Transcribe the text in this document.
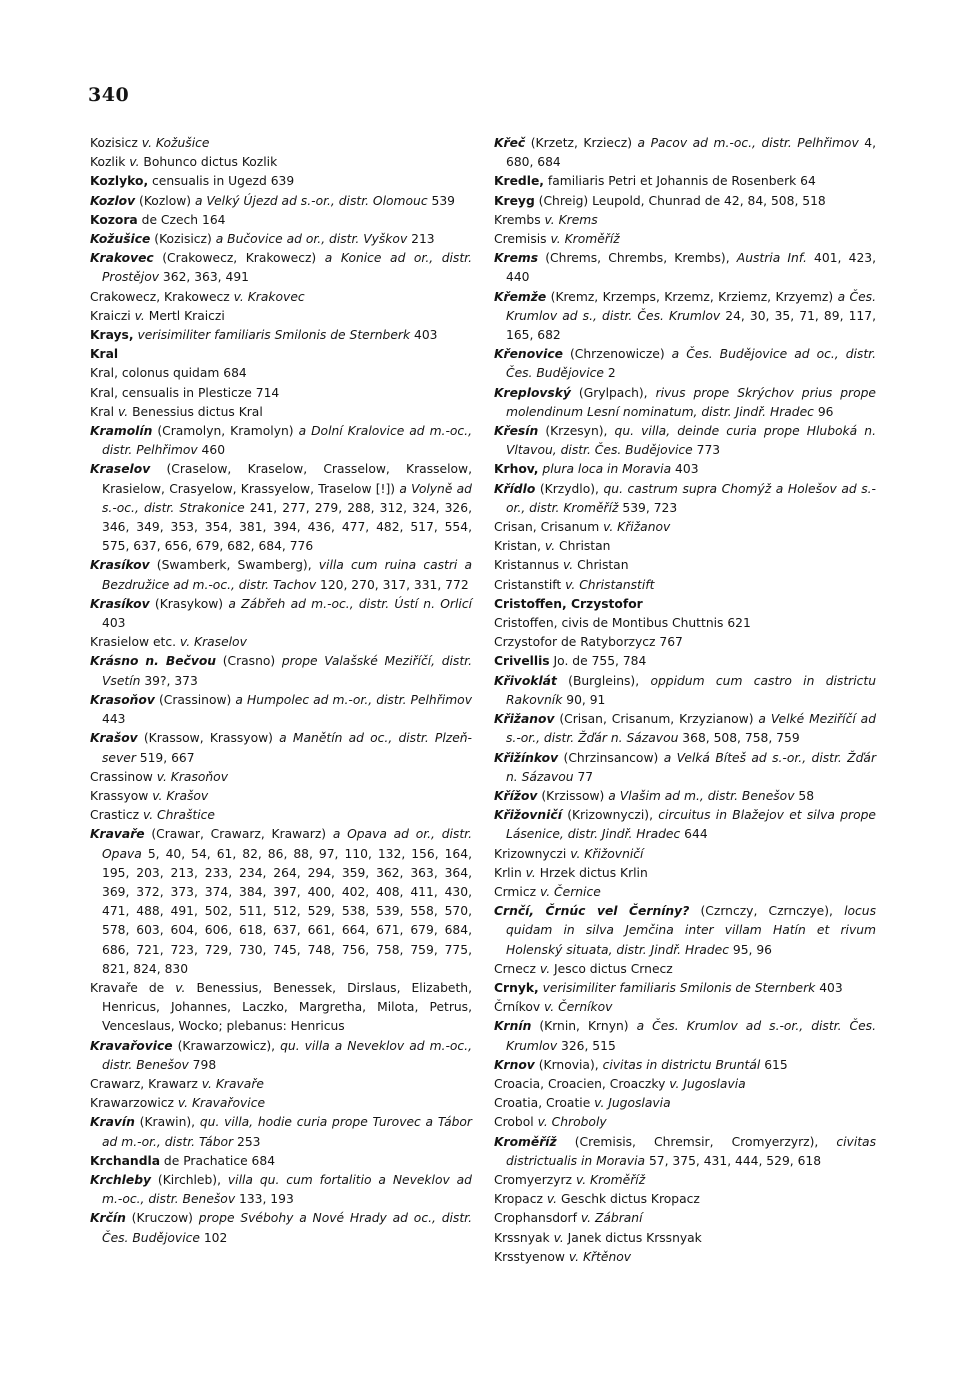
340
Kozisicz v. Kožušice
Kozlik v. Bohunco dictus Kozlik
Kozlyko, censualis in Ugezd 639
Kozlov (Kozlow) a Velký Újezd ad s.-or., distr. Olomouc 539
Kozora de Czech 164
Kožušice (Kozisicz) a Bučovice ad or., distr. Vyškov 213
Krakovec (Crakowecz, Krakowecz) a Konice ad or., distr. Prostějov 362, 363, 491
Crakowecz, Krakowecz v. Krakovec
Kraiczi v. Mertl Kraiczi
Krays, verisimiliter familiaris Smilonis de Sternberk 403
Kral
Kral, colonus quidam 684
Kral, censualis in Plesticze 714
Kral v. Benessius dictus Kral
Kramolín (Cramolyn, Kramolyn) a Dolní Kralovice ad m.-oc., distr. Pelhřimov 460
Kraselov (Craselow, Kraselow, Crasselow, Krasselow, Krasielow, Crasyelow, Krassyelow, Traselow [!]) a Volyně ad s.-oc., distr. Strakonice 241, 277, 279, 288, 312, 324, 326, 346, 349, 353, 354, 381, 394, 436, 477, 482, 517, 554, 575, 637, 656, 679, 682, 684, 776
Krasíkov (Swamberk, Swamberg), villa cum ruina castri a Bezdružice ad m.-oc., distr. Tachov 120, 270, 317, 331, 772
Krasíkov (Krasykow) a Zábřeh ad m.-oc., distr. Ústí n. Orlicí 403
Krasielow etc. v. Kraselov
Krásno n. Bečvou (Crasno) prope Valašské Meziříčí, distr. Vsetín 39?, 373
Krasoňov (Crassinow) a Humpolec ad m.-or., distr. Pelhřimov 443
Krašov (Krassow, Krassyow) a Manětín ad oc., distr. Plzeň-sever 519, 667
Crassinow v. Krasoňov
Krassyow v. Krašov
Crasticz v. Chraštice
Kravaře (Crawar, Crawarz, Krawarz) a Opava ad or., distr. Opava 5, 40, 54, 61, 82, 86, 88, 97, 110, 132, 156, 164, 195, 203, 213, 233, 234, 264, 294, 359, 362, 363, 364, 369, 372, 373, 374, 384, 397, 400, 402, 408, 411, 430, 471, 488, 491, 502, 511, 512, 529, 538, 539, 558, 570, 578, 603, 604, 606, 618, 637, 661, 664, 671, 679, 684, 686, 721, 723, 729, 730, 745, 748, 756, 758, 759, 775, 821, 824, 830
Kravaře de v. Benessius, Benessek, Dirslaus, Elizabeth, Henricus, Johannes, Laczko, Margretha, Milota, Petrus, Venceslaus, Wocko; plebanus: Henricus
Kravařovice (Krawarzowicz), qu. villa a Neveklov ad m.-oc., distr. Benešov 798
Crawarz, Krawarz v. Kravaře
Krawarzowicz v. Kravařovice
Kravín (Krawin), qu. villa, hodie curia prope Turovec a Tábor ad m.-or., distr. Tábor 253
Krchandla de Prachatice 684
Krchleby (Kirchleb), villa qu. cum fortalitio a Neveklov ad m.-oc., distr. Benešov 133, 193
Krčín (Kruczow) prope Svébohy a Nové Hrady ad oc., distr. Čes. Budějovice 102
Křeč (Krzetz, Krziecz) a Pacov ad m.-oc., distr. Pelhřimov 4, 680, 684
Kredle, familiaris Petri et Johannis de Rosenberk 64
Kreyg (Chreig) Leupold, Chunrad de 42, 84, 508, 518
Krembs v. Krems
Cremisis v. Kroměříž
Krems (Chrems, Chrembs, Krembs), Austria Inf. 401, 423, 440
Křemže (Kremz, Krzemps, Krzemz, Krziemz, Krzyemz) a Čes. Krumlov ad s., distr. Čes. Krumlov 24, 30, 35, 71, 89, 117, 165, 682
Křenovice (Chrzenowicze) a Čes. Budějovice ad oc., distr. Čes. Budějovice 2
Kreplovský (Grylpach), rivus prope Skrýchov prius prope molendinum Lesní nominatum, distr. Jindř. Hradec 96
Křesín (Krzesyn), qu. villa, deinde curia prope Hluboká n. Vltavou, distr. Čes. Budějovice 773
Krhov, plura loca in Moravia 403
Křídlo (Krzydlo), qu. castrum supra Chomýž a Holešov ad s.-or., distr. Kroměříž 539, 723
Crisan, Crisanum v. Křižanov
Kristan, v. Christan
Kristannus v. Christan
Cristanstift v. Christanstift
Cristoffen, Crzystofor
Cristoffen, civis de Montibus Chuttnis 621
Crzystofor de Ratyborzycz 767
Crivellis Jo. de 755, 784
Křivoklát (Burgleins), oppidum cum castro in districtu Rakovník 90, 91
Křižanov (Crisan, Crisanum, Krzyzianow) a Velké Meziříčí ad s.-or., distr. Žďár n. Sázavou 368, 508, 758, 759
Křižínkov (Chrzinsancow) a Velká Bíteš ad s.-or., distr. Žďár n. Sázavou 77
Křížov (Krzissow) a Vlašim ad m., distr. Benešov 58
Křižovničí (Krizownyczi), circuitus in Blažejov et silva prope Lásenice, distr. Jindř. Hradec 644
Krizownyczi v. Křižovničí
Krlin v. Hrzek dictus Krlin
Crmicz v. Černice
Crnčí, Črnúc vel Černíny? (Czrnczy, Czrnczye), locus quidam in silva Jemčina inter villam Hatín et rivum Holenský situata, distr. Jindř. Hradec 95, 96
Crnecz v. Jesco dictus Crnecz
Crnyk, verisimiliter familiaris Smilonis de Sternberk 403
Črníkov v. Černíkov
Krnín (Krnin, Krnyn) a Čes. Krumlov ad s.-or., distr. Čes. Krumlov 326, 515
Krnov (Krnovia), civitas in districtu Bruntál 615
Croacia, Croacien, Croaczky v. Jugoslavia
Croatia, Croatie v. Jugoslavia
Crobol v. Chroboly
Kroměříž (Cremisis, Chremsir, Cromyerzyrz), civitas districtualis in Moravia 57, 375, 431, 444, 529, 618
Cromyerzyrz v. Kroměříž
Kropacz v. Geschk dictus Kropacz
Crophansdorf v. Zábraní
Krssnyak v. Janek dictus Krssnyak
Krsstyenow v. Křtěnov
